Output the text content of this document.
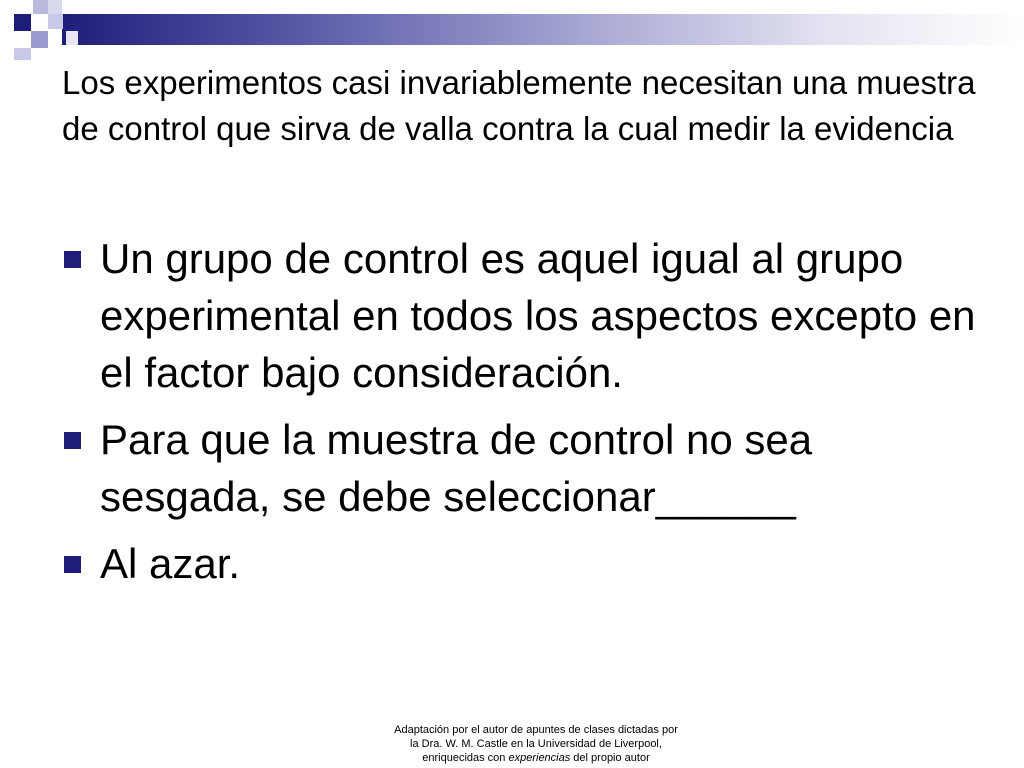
Los experimentos casi invariablemente necesitan una muestra de control que sirva de valla contra la cual medir la evidencia
Un grupo de control es aquel igual al grupo experimental en todos los aspectos excepto en el factor bajo consideración.
Para que la muestra de control no sea sesgada, se debe seleccionar______
Al azar.
Adaptación por el autor de apuntes de clases dictadas por
la Dra. W. M. Castle en la Universidad de Liverpool,
enriquecidas con experiencias del propio autor
